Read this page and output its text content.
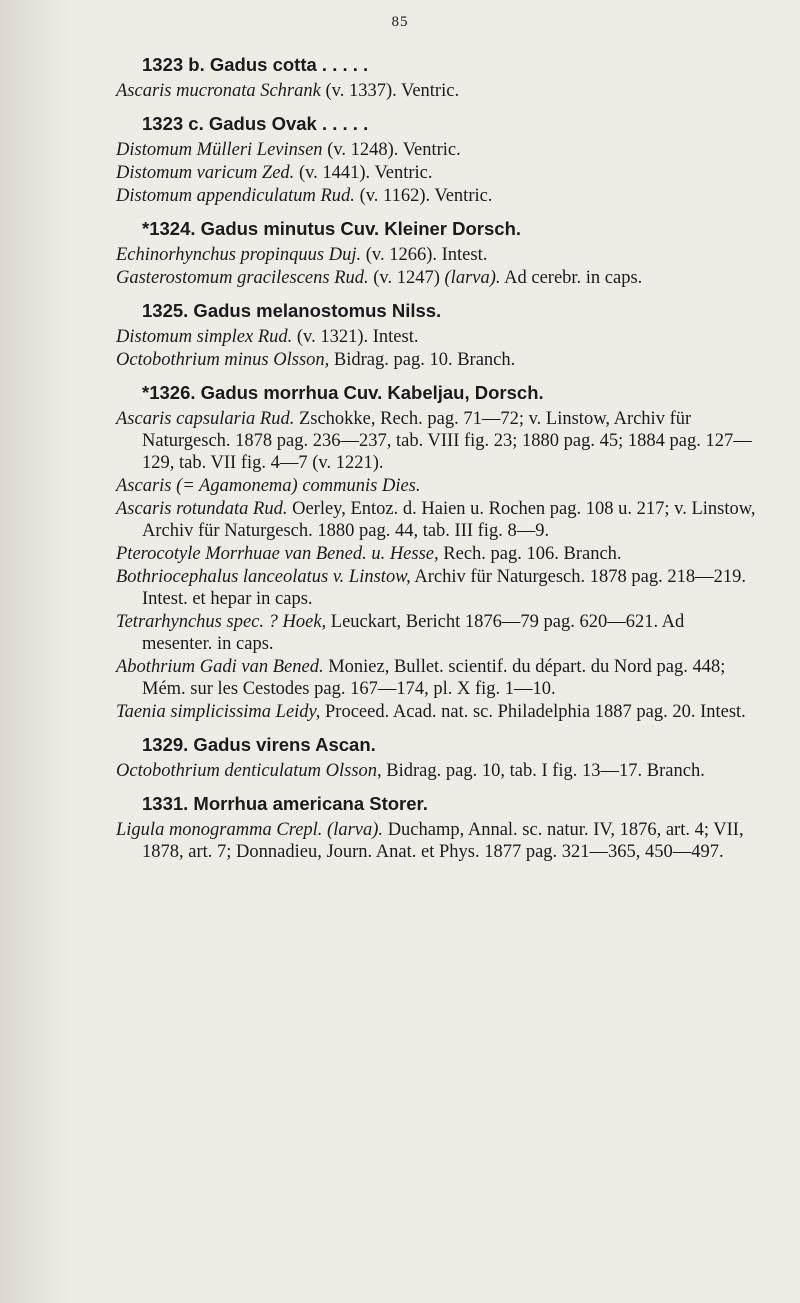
85
1323 b. Gadus cotta . . . . .
Ascaris mucronata Schrank (v. 1337). Ventric.
1323 c. Gadus Ovak . . . . .
Distomum Mülleri Levinsen (v. 1248). Ventric.
Distomum varicum Zed. (v. 1441). Ventric.
Distomum appendiculatum Rud. (v. 1162). Ventric.
*1324. Gadus minutus Cuv. Kleiner Dorsch.
Echinorhynchus propinquus Duj. (v. 1266). Intest.
Gasterostomum gracilescens Rud. (v. 1247) (larva). Ad cerebr. in caps.
1325. Gadus melanostomus Nilss.
Distomum simplex Rud. (v. 1321). Intest.
Octobothrium minus Olsson, Bidrag. pag. 10. Branch.
*1326. Gadus morrhua Cuv. Kabeljau, Dorsch.
Ascaris capsularia Rud. Zschokke, Rech. pag. 71—72; v. Linstow, Archiv für Naturgesch. 1878 pag. 236—237, tab. VIII fig. 23; 1880 pag. 45; 1884 pag. 127—129, tab. VII fig. 4—7 (v. 1221).
Ascaris (= Agamonema) communis Dies.
Ascaris rotundata Rud. Oerley, Entoz. d. Haien u. Rochen pag. 108 u. 217; v. Linstow, Archiv für Naturgesch. 1880 pag. 44, tab. III fig. 8—9.
Pterocotyle Morrhuae van Bened. u. Hesse, Rech. pag. 106. Branch.
Bothriocephalus lanceolatus v. Linstow, Archiv für Naturgesch. 1878 pag. 218—219. Intest. et hepar in caps.
Tetrarhynchus spec. ? Hoek, Leuckart, Bericht 1876—79 pag. 620—621. Ad mesenter. in caps.
Abothrium Gadi van Bened. Moniez, Bullet. scientif. du départ. du Nord pag. 448; Mém. sur les Cestodes pag. 167—174, pl. X fig. 1—10.
Taenia simplicissima Leidy, Proceed. Acad. nat. sc. Philadelphia 1887 pag. 20. Intest.
1329. Gadus virens Ascan.
Octobothrium denticulatum Olsson, Bidrag. pag. 10, tab. I fig. 13—17. Branch.
1331. Morrhua americana Storer.
Ligula monogramma Crepl. (larva). Duchamp, Annal. sc. natur. IV, 1876, art. 4; VII, 1878, art. 7; Donnadieu, Journ. Anat. et Phys. 1877 pag. 321—365, 450—497.
